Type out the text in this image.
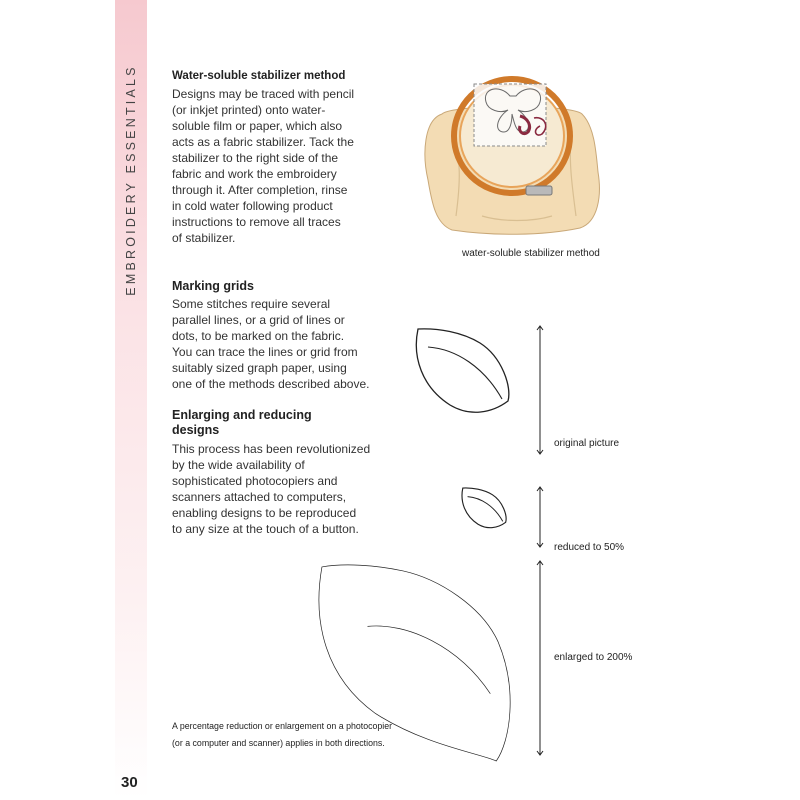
EMBROIDERY ESSENTIALS
30
Water-soluble stabilizer method
Designs may be traced with pencil
(or inkjet printed) onto water-
soluble film or paper, which also
acts as a fabric stabilizer. Tack the
stabilizer to the right side of the
fabric and work the embroidery
through it. After completion, rinse
in cold water following product
instructions to remove all traces
of stabilizer.
Marking grids
Some stitches require several
parallel lines, or a grid of lines or
dots, to be marked on the fabric.
You can trace the lines or grid from
suitably sized graph paper, using
one of the methods described above.
Enlarging and reducing
designs
This process has been revolutionized
by the wide availability of
sophisticated photocopiers and
scanners attached to computers,
enabling designs to be reproduced
to any size at the touch of a button.
water-soluble stabilizer method
original picture
reduced to 50%
enlarged to 200%
A percentage reduction or enlargement on a photocopier
(or a computer and scanner) applies in both directions.
